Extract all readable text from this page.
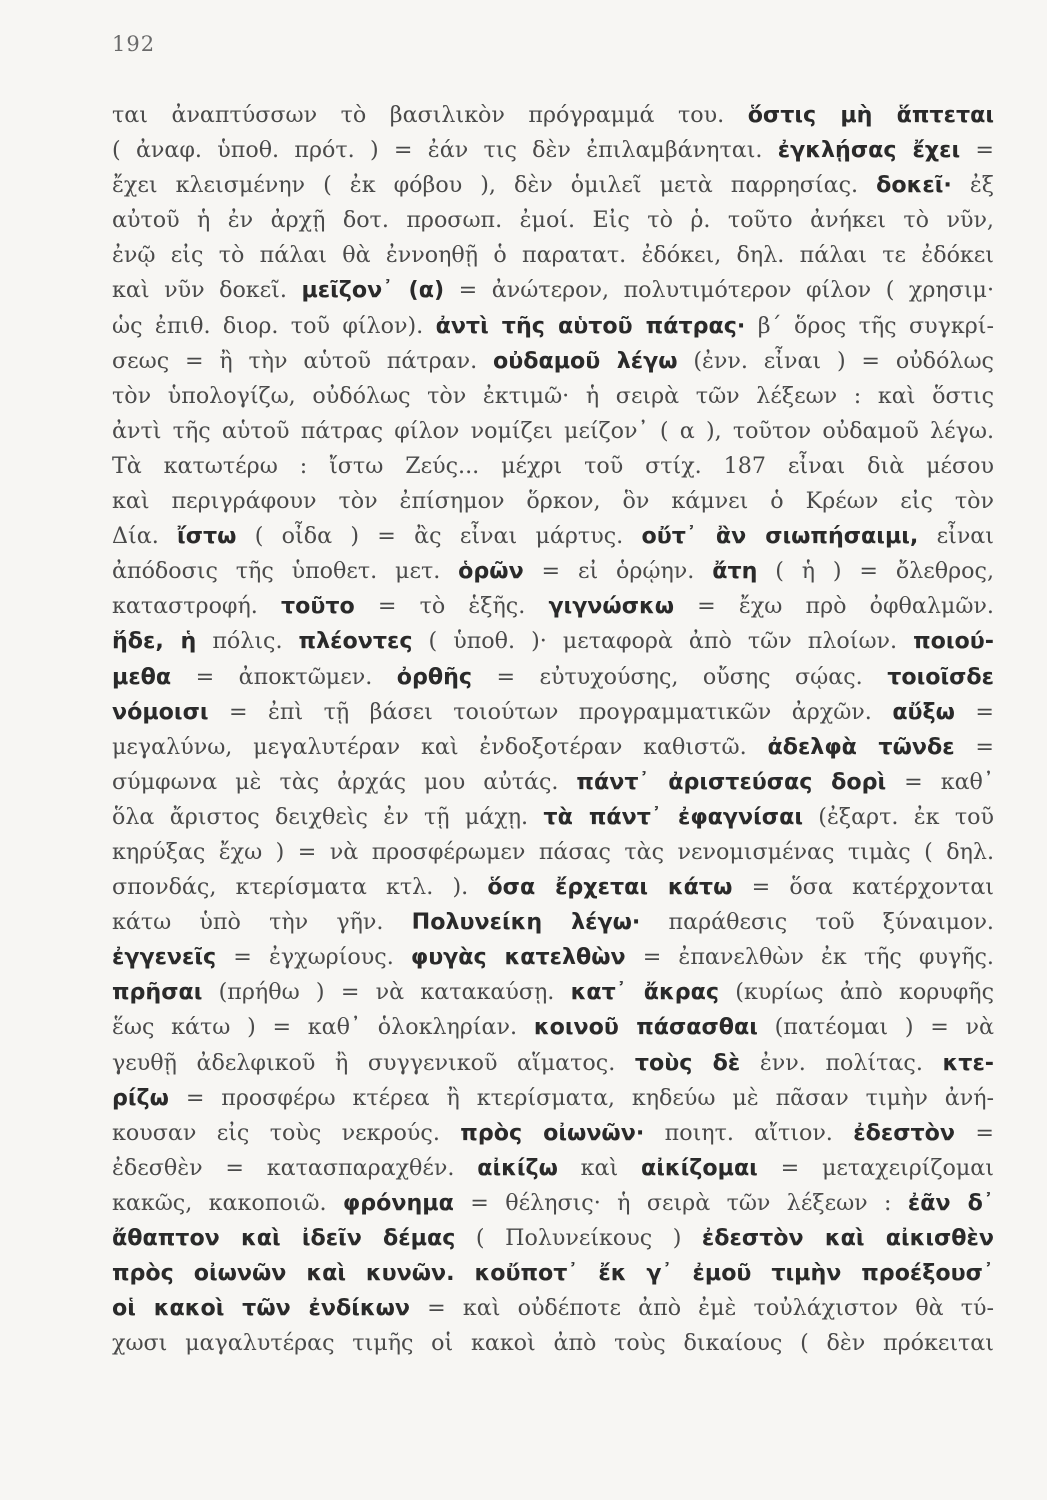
192
ται ἀναπτύσσων τὸ βασιλικὸν πρόγραμμά του. ὅστις μὴ ἅπτεται
( ἀναφ. ὑποθ. πρότ. ) = ἐάν τις δὲν ἐπιλαμβάνηται. ἐγκλῄσας ἔχει =
ἔχει κλεισμένην ( ἐκ φόβου ), δὲν ὁμιλεῖ μετὰ παρρησίας. δοκεῖ· ἐξ
αὐτοῦ ἡ ἐν ἀρχῇ δοτ. προσωπ. ἐμοί. Εἰς τὸ ῥ. τοῦτο ἀνήκει τὸ νῦν,
ἐνῷ εἰς τὸ πάλαι θὰ ἐννοηθῇ ὁ παρατατ. ἐδόκει, δηλ. πάλαι τε ἐδόκει
καὶ νῦν δοκεῖ. μεῖζον᾽ (α) = ἀνώτερον, πολυτιμότερον φίλον ( χρησιμ·
ὡς ἐπιθ. διορ. τοῦ φίλον). ἀντὶ τῆς αὑτοῦ πάτρας· β΄ ὅρος τῆς συγκρί-
σεως = ἢ τὴν αὑτοῦ πάτραν. οὐδαμοῦ λέγω (ἐνν. εἶναι ) = οὐδόλως
τὸν ὑπολογίζω, οὐδόλως τὸν ἐκτιμῶ· ἡ σειρὰ τῶν λέξεων : καὶ ὅστις
ἀντὶ τῆς αὑτοῦ πάτρας φίλον νομίζει μείζον᾽ ( α ), τοῦτον οὐδαμοῦ λέγω.
Τὰ κατωτέρω : ἴστω Ζεύς... μέχρι τοῦ στίχ. 187 εἶναι διὰ μέσου
καὶ περιγράφουν τὸν ἐπίσημον ὅρκον, ὃν κάμνει ὁ Κρέων εἰς τὸν
Δία. ἴστω ( οἶδα ) = ἂς εἶναι μάρτυς. οὔτ᾽ ἂν σιωπήσαιμι, εἶναι
ἀπόδοσις τῆς ὑποθετ. μετ. ὁρῶν = εἰ ὁρῴην. ἄτη ( ἡ ) = ὄλεθρος,
καταστροφή. τοῦτο = τὸ ἑξῆς. γιγνώσκω = ἔχω πρὸ ὀφθαλμῶν.
ἥδε, ἡ πόλις. πλέοντες ( ὑποθ. )· μεταφορὰ ἀπὸ τῶν πλοίων. ποιού-
μεθα = ἀποκτῶμεν. ὀρθῆς = εὐτυχούσης, οὔσης σῴας. τοιοῖσδε
νόμοισι = ἐπὶ τῇ βάσει τοιούτων προγραμματικῶν ἀρχῶν. αὔξω =
μεγαλύνω, μεγαλυτέραν καὶ ἐνδοξοτέραν καθιστῶ. ἀδελφὰ τῶνδε =
σύμφωνα μὲ τὰς ἀρχάς μου αὐτάς. πάντ᾽ ἀριστεύσας δορὶ = καθ᾽
ὅλα ἄριστος δειχθεὶς ἐν τῇ μάχῃ. τὰ πάντ᾽ ἐφαγνίσαι (ἐξαρτ. ἐκ τοῦ
κηρύξας ἔχω ) = νὰ προσφέρωμεν πάσας τὰς νενομισμένας τιμὰς ( δηλ.
σπονδάς, κτερίσματα κτλ. ). ὅσα ἔρχεται κάτω = ὅσα κατέρχονται
κάτω ὑπὸ τὴν γῆν. Πολυνείκη λέγω· παράθεσις τοῦ ξύναιμον.
ἐγγενεῖς = ἐγχωρίους. φυγὰς κατελθὼν = ἐπανελθὼν ἐκ τῆς φυγῆς.
πρῆσαι (πρήθω ) = νὰ κατακαύσῃ. κατ᾽ ἄκρας (κυρίως ἀπὸ κορυφῆς
ἕως κάτω ) = καθ᾽ ὁλοκληρίαν. κοινοῦ πάσασθαι (πατέομαι ) = νὰ
γευθῇ ἀδελφικοῦ ἢ συγγενικοῦ αἵματος. τοὺς δὲ ἐνν. πολίτας. κτε-
ρίζω = προσφέρω κτέρεα ἢ κτερίσματα, κηδεύω μὲ πᾶσαν τιμὴν ἀνή-
κουσαν εἰς τοὺς νεκρούς. πρὸς οἰωνῶν· ποιητ. αἴτιον. ἐδεστὸν =
ἐδεσθὲν = κατασπαραχθέν. αἰκίζω καὶ αἰκίζομαι = μεταχειρίζομαι
κακῶς, κακοποιῶ. φρόνημα = θέλησις· ἡ σειρὰ τῶν λέξεων : ἐᾶν δ᾽
ἄθαπτον καὶ ἰδεῖν δέμας ( Πολυνείκους ) ἐδεστὸν καὶ αἰκισθὲν
πρὸς οἰωνῶν καὶ κυνῶν. κοὔποτ᾽ ἔκ γ᾽ ἐμοῦ τιμὴν προέξουσ᾽
οἱ κακοὶ τῶν ἐνδίκων = καὶ οὐδέποτε ἀπὸ ἐμὲ τοὐλάχιστον θὰ τύ-
χωσι μαγαλυτέρας τιμῆς οἱ κακοὶ ἀπὸ τοὺς δικαίους ( δὲν πρόκειται
